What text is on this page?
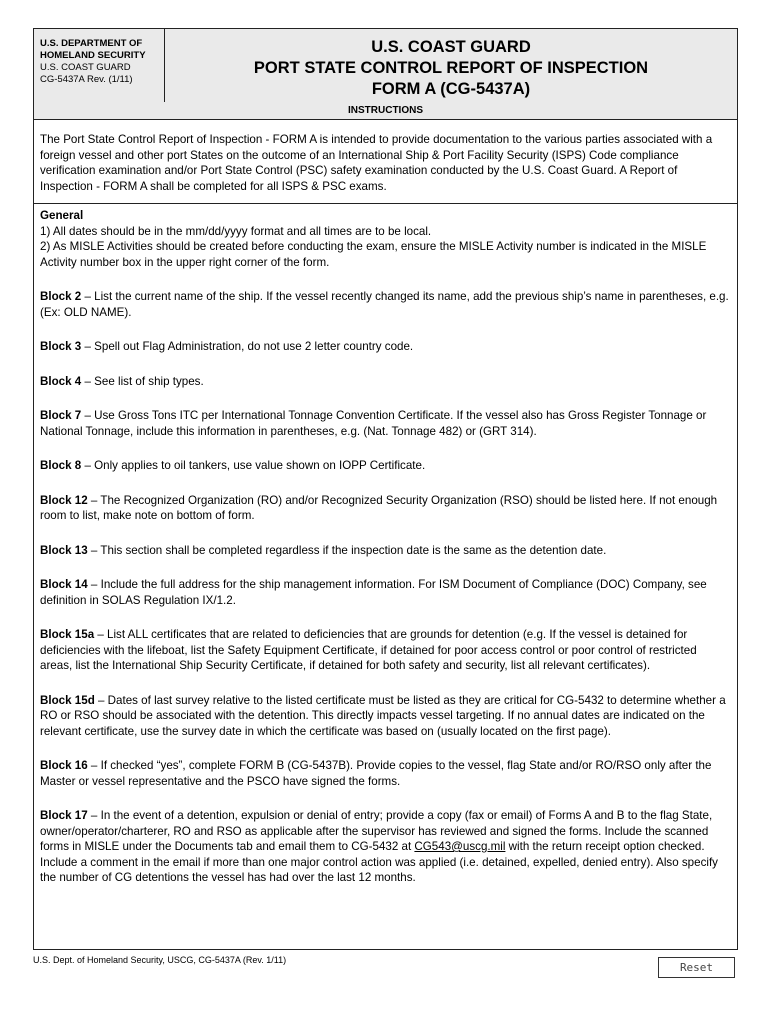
U.S. DEPARTMENT OF
HOMELAND SECURITY
U.S. COAST GUARD
CG-5437A Rev. (1/11)
U.S. COAST GUARD
PORT STATE CONTROL REPORT OF INSPECTION
FORM A (CG-5437A)
INSTRUCTIONS
The Port State Control Report of Inspection - FORM A is intended to provide documentation to the various parties associated with a foreign vessel and other port States on the outcome of an International Ship & Port Facility Security (ISPS) Code compliance verification examination and/or Port State Control (PSC) safety examination conducted by the U.S. Coast Guard. A Report of Inspection - FORM A shall be completed for all ISPS & PSC exams.
General
1) All dates should be in the mm/dd/yyyy format and all times are to be local.

2) As MISLE Activities should be created before conducting the exam, ensure the MISLE Activity number is indicated in the MISLE Activity number box in the upper right corner of the form.

Block 2 – List the current name of the ship. If the vessel recently changed its name, add the previous ship’s name in parentheses, e.g. (Ex: OLD NAME).

Block 3 – Spell out Flag Administration, do not use 2 letter country code.

Block 4 – See list of ship types.

Block 7 – Use Gross Tons ITC per International Tonnage Convention Certificate. If the vessel also has Gross Register Tonnage or National Tonnage, include this information in parentheses, e.g. (Nat. Tonnage 482) or (GRT 314).

Block 8 – Only applies to oil tankers, use value shown on IOPP Certificate.

Block 12 – The Recognized Organization (RO) and/or Recognized Security Organization (RSO) should be listed here. If not enough room to list, make note on bottom of form.

Block 13 – This section shall be completed regardless if the inspection date is the same as the detention date.

Block 14 – Include the full address for the ship management information. For ISM Document of Compliance (DOC) Company, see definition in SOLAS Regulation IX/1.2.

Block 15a – List ALL certificates that are related to deficiencies that are grounds for detention (e.g. If the vessel is detained for deficiencies with the lifeboat, list the Safety Equipment Certificate, if detained for poor access control or poor control of restricted areas, list the International Ship Security Certificate, if detained for both safety and security, list all relevant certificates).

Block 15d – Dates of last survey relative to the listed certificate must be listed as they are critical for CG-5432 to determine whether a RO or RSO should be associated with the detention. This directly impacts vessel targeting. If no annual dates are indicated on the relevant certificate, use the survey date in which the certificate was based on (usually located on the first page).

Block 16 – If checked “yes”, complete FORM B (CG-5437B). Provide copies to the vessel, flag State and/or RO/RSO only after the Master or vessel representative and the PSCO have signed the forms.

Block 17 – In the event of a detention, expulsion or denial of entry; provide a copy (fax or email) of Forms A and B to the flag State, owner/operator/charterer, RO and RSO as applicable after the supervisor has reviewed and signed the forms. Include the scanned forms in MISLE under the Documents tab and email them to CG-5432 at CG543@uscg.mil with the return receipt option checked. Include a comment in the email if more than one major control action was applied (i.e. detained, expelled, denied entry). Also specify the number of CG detentions the vessel has had over the last 12 months.

U.S. Dept. of Homeland Security, USCG, CG-5437A (Rev. 1/11)
Reset
